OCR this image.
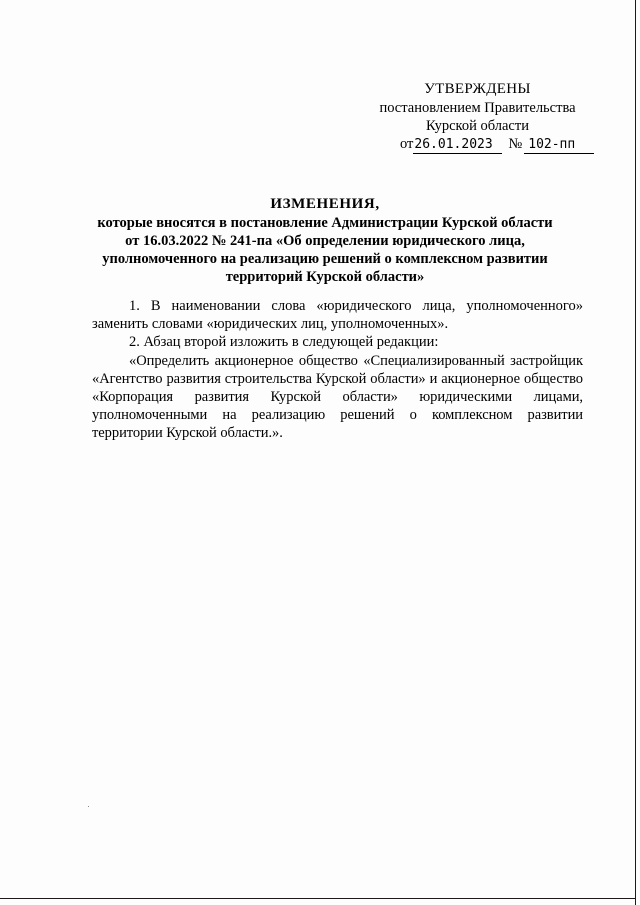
УТВЕРЖДЕНЫ
постановлением Правительства
Курской области
от26.01.2023 № 102-пп
ИЗМЕНЕНИЯ,
которые вносятся в постановление Администрации Курской области
от 16.03.2022 № 241-па «Об определении юридического лица,
уполномоченного на реализацию решений о комплексном развитии
территорий Курской области»

1. В наименовании слова «юридического лица, уполномоченного» заменить словами «юридических лиц, уполномоченных».

2. Абзац второй изложить в следующей редакции:

«Определить акционерное общество «Специализированный застройщик «Агентство развития строительства Курской области» и акционерное общество «Корпорация развития Курской области» юридическими лицами, уполномоченными на реализацию решений о комплексном развитии территории Курской области.».
